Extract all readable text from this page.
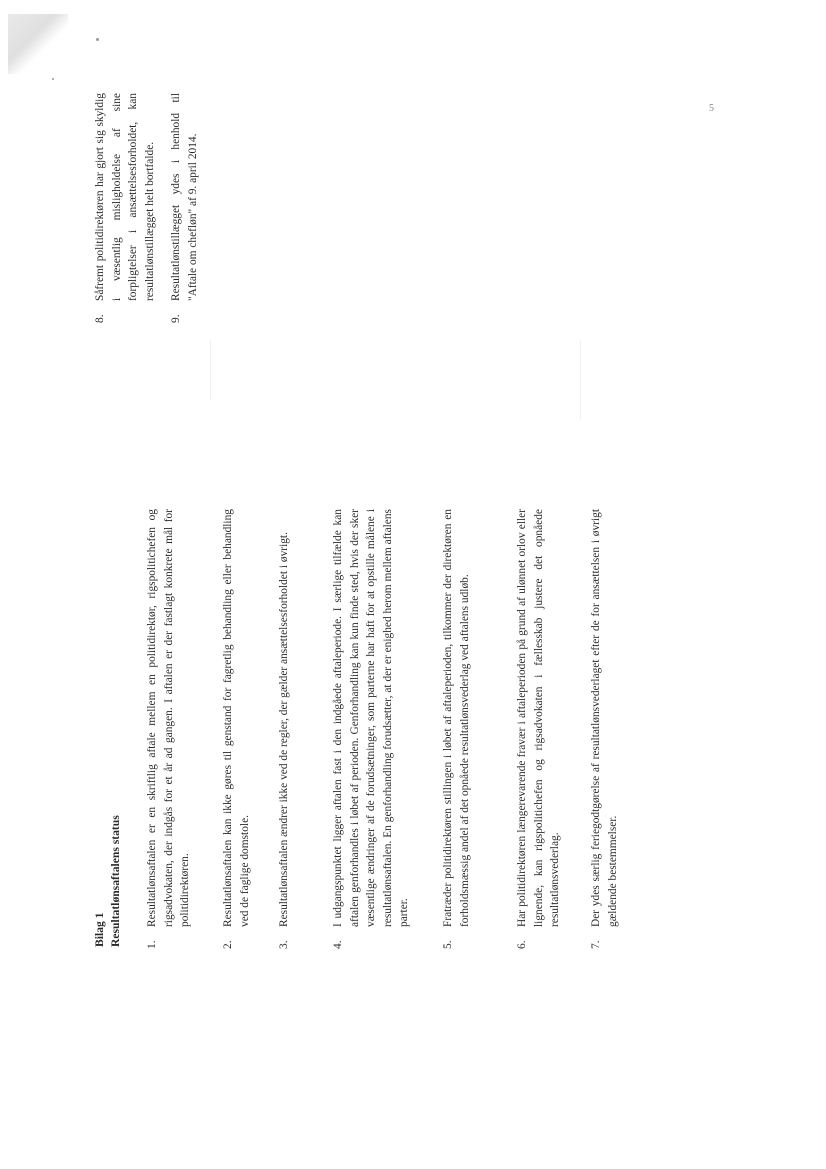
Bilag 1 Resultatlønsaftalens status 1.
Resultatlønsaftalen er en skriftlig aftale mellem en politidirektør, rigspolitichefen og rigsadvokaten, der indgås for et år ad gangen. I aftalen er der fastlagt konkrete mål for politidirektøren.
2.
Resultatlønsaftalen kan ikke gøres til genstand for fagretlig behandling eller behandling ved de faglige domstole.
3.
Resultatlønsaftalen ændrer ikke ved de regler, der gælder ansættelsesforholdet i øvrigt.
4.
I udgangspunktet ligger aftalen fast i den indgåede aftaleperiode. I særlige tilfælde kan aftalen genforhandles i løbet af perioden. Genforhandling kan kun finde sted, hvis der sker væsentlige ændringer af de forudsætninger, som parterne har haft for at opstille målene i resultatlønsaftalen. En genforhandling forudsætter, at der er enighed herom mellem aftalens parter.
5.
Fratræder politidirektøren stillingen i løbet af aftaleperioden, tilkommer der direktøren en forholdsmæssig andel af det opnåede resultatlønsvederlag ved aftalens udløb.
6.
Har politidirektøren længerevarende fravær i aftaleperioden på grund af ulønnet orlov eller lignende, kan rigspolitichefen og rigsadvokaten i fællesskab justere det opnåede resultatlønsvederlag.
7.
Der ydes særlig feriegodtgørelse af resultatlønsvederlaget efter de for ansættelsen i øvrigt gældende bestemmelser.
8.
Såfremt politidirektøren har gjort sig skyldig i væsentlig misligholdelse af sine forpligtelser i ansættelsesforholdet, kan resultatlønstillægget helt bortfalde.
9.
Resultatlønstillægget ydes i henhold til "Aftale om chefløn" af 9. april 2014.
5
